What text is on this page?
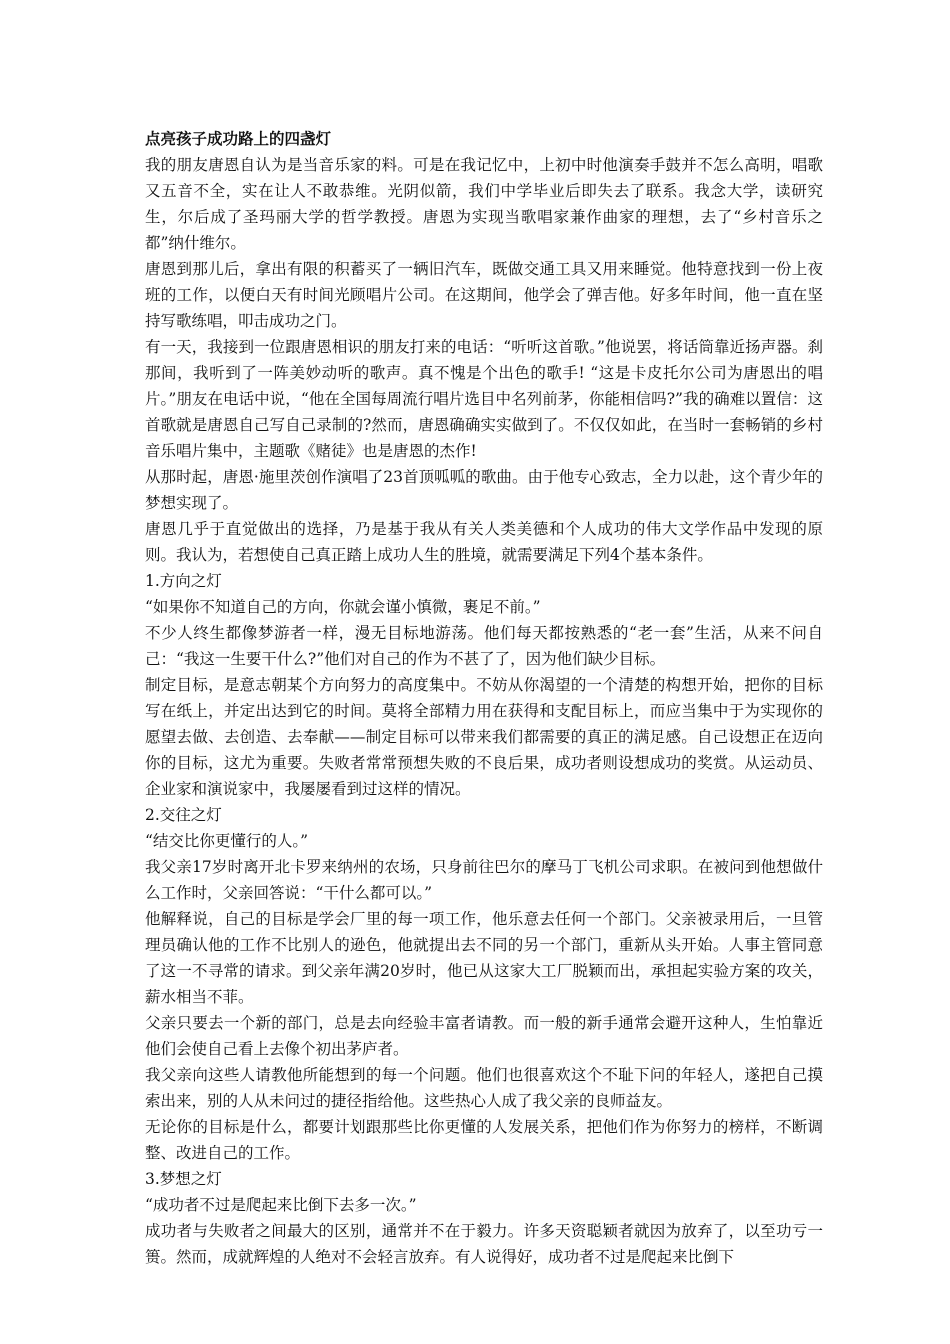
点亮孩子成功路上的四盏灯

我的朋友唐恩自认为是当音乐家的料。可是在我记忆中，上初中时他演奏手鼓并不怎么高明，唱歌又五音不全，实在让人不敢恭维。光阴似箭，我们中学毕业后即失去了联系。我念大学，读研究生，尔后成了圣玛丽大学的哲学教授。唐恩为实现当歌唱家兼作曲家的理想，去了“乡村音乐之都”纳什维尔。

唐恩到那儿后，拿出有限的积蓄买了一辆旧汽车，既做交通工具又用来睡觉。他特意找到一份上夜班的工作，以便白天有时间光顾唱片公司。在这期间，他学会了弹吉他。好多年时间，他一直在坚持写歌练唱，叩击成功之门。

有一天，我接到一位跟唐恩相识的朋友打来的电话：“听听这首歌。”他说罢，将话筒靠近扬声器。刹那间，我听到了一阵美妙动听的歌声。真不愧是个出色的歌手! “这是卡皮托尔公司为唐恩出的唱片。”朋友在电话中说，“他在全国每周流行唱片选目中名列前茅，你能相信吗?”我的确难以置信：这首歌就是唐恩自己写自己录制的?然而，唐恩确确实实做到了。不仅仅如此，在当时一套畅销的乡村音乐唱片集中，主题歌《赌徒》也是唐恩的杰作!

从那时起，唐恩·施里茨创作演唱了23首顶呱呱的歌曲。由于他专心致志，全力以赴，这个青少年的梦想实现了。

唐恩几乎于直觉做出的选择，乃是基于我从有关人类美德和个人成功的伟大文学作品中发现的原则。我认为，若想使自己真正踏上成功人生的胜境，就需要满足下列4个基本条件。

1.方向之灯

“如果你不知道自己的方向，你就会谨小慎微，裹足不前。”

不少人终生都像梦游者一样，漫无目标地游荡。他们每天都按熟悉的“老一套”生活，从来不问自己：“我这一生要干什么?”他们对自己的作为不甚了了，因为他们缺少目标。

制定目标，是意志朝某个方向努力的高度集中。不妨从你渴望的一个清楚的构想开始，把你的目标写在纸上，并定出达到它的时间。莫将全部精力用在获得和支配目标上，而应当集中于为实现你的愿望去做、去创造、去奉献——制定目标可以带来我们都需要的真正的满足感。自己设想正在迈向你的目标，这尤为重要。失败者常常预想失败的不良后果，成功者则设想成功的奖赏。从运动员、企业家和演说家中，我屡屡看到过这样的情况。

2.交往之灯

“结交比你更懂行的人。”

我父亲17岁时离开北卡罗来纳州的农场，只身前往巴尔的摩马丁飞机公司求职。在被问到他想做什么工作时，父亲回答说：“干什么都可以。”

他解释说，自己的目标是学会厂里的每一项工作，他乐意去任何一个部门。父亲被录用后，一旦管理员确认他的工作不比别人的逊色，他就提出去不同的另一个部门，重新从头开始。人事主管同意了这一不寻常的请求。到父亲年满20岁时，他已从这家大工厂脱颖而出，承担起实验方案的攻关，薪水相当不菲。

父亲只要去一个新的部门，总是去向经验丰富者请教。而一般的新手通常会避开这种人，生怕靠近他们会使自己看上去像个初出茅庐者。

我父亲向这些人请教他所能想到的每一个问题。他们也很喜欢这个不耻下问的年轻人，遂把自己摸索出来，别的人从未问过的捷径指给他。这些热心人成了我父亲的良师益友。

无论你的目标是什么，都要计划跟那些比你更懂的人发展关系，把他们作为你努力的榜样，不断调整、改进自己的工作。

3.梦想之灯

“成功者不过是爬起来比倒下去多一次。”

成功者与失败者之间最大的区别，通常并不在于毅力。许多天资聪颖者就因为放弃了，以至功亏一篑。然而，成就辉煌的人绝对不会轻言放弃。有人说得好，成功者不过是爬起来比倒下
